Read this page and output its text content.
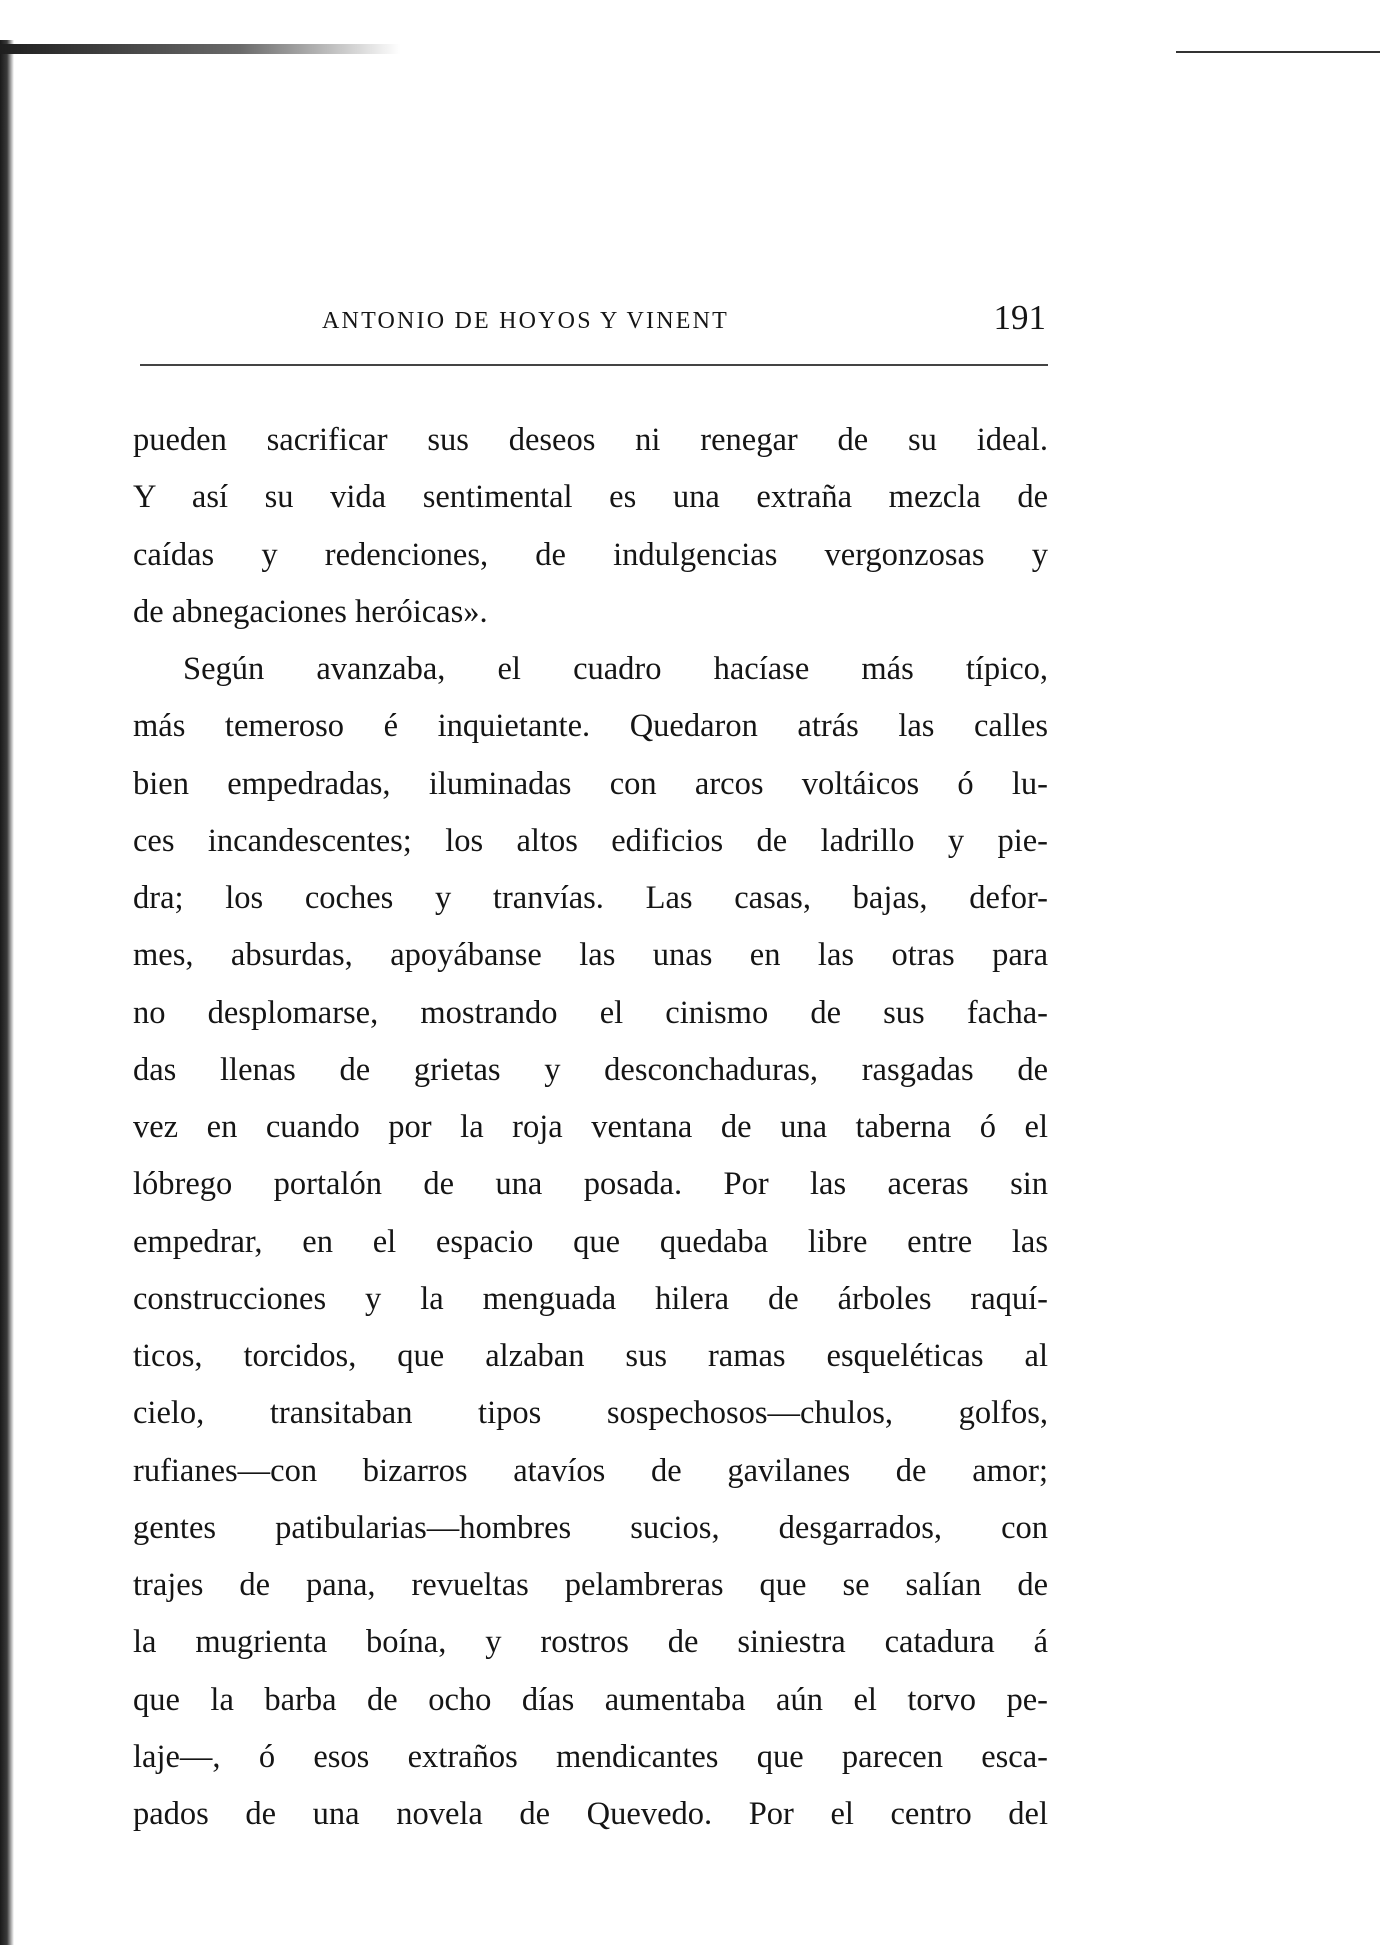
ANTONIO DE HOYOS Y VINENT	191
pueden sacrificar sus deseos ni renegar de su ideal.
Y así su vida sentimental es una extraña mezcla de
caídas y redenciones, de indulgencias vergonzosas y
de abnegaciones heróicas».
Según avanzaba, el cuadro hacíase más típico,
más temeroso é inquietante. Quedaron atrás las calles
bien empedradas, iluminadas con arcos voltáicos ó lu-
ces incandescentes; los altos edificios de ladrillo y pie-
dra; los coches y tranvías. Las casas, bajas, defor-
mes, absurdas, apoyábanse las unas en las otras para
no desplomarse, mostrando el cinismo de sus facha-
das llenas de grietas y desconchaduras, rasgadas de
vez en cuando por la roja ventana de una taberna ó el
lóbrego portalón de una posada. Por las aceras sin
empedrar, en el espacio que quedaba libre entre las
construcciones y la menguada hilera de árboles raquí-
ticos, torcidos, que alzaban sus ramas esqueléticas al
cielo, transitaban tipos sospechosos—chulos, golfos,
rufianes—con bizarros atavíos de gavilanes de amor;
gentes patibularias—hombres sucios, desgarrados, con
trajes de pana, revueltas pelambreras que se salían de
la mugrienta boína, y rostros de siniestra catadura á
que la barba de ocho días aumentaba aún el torvo pe-
laje—, ó esos extraños mendicantes que parecen esca-
pados de una novela de Quevedo. Por el centro del
